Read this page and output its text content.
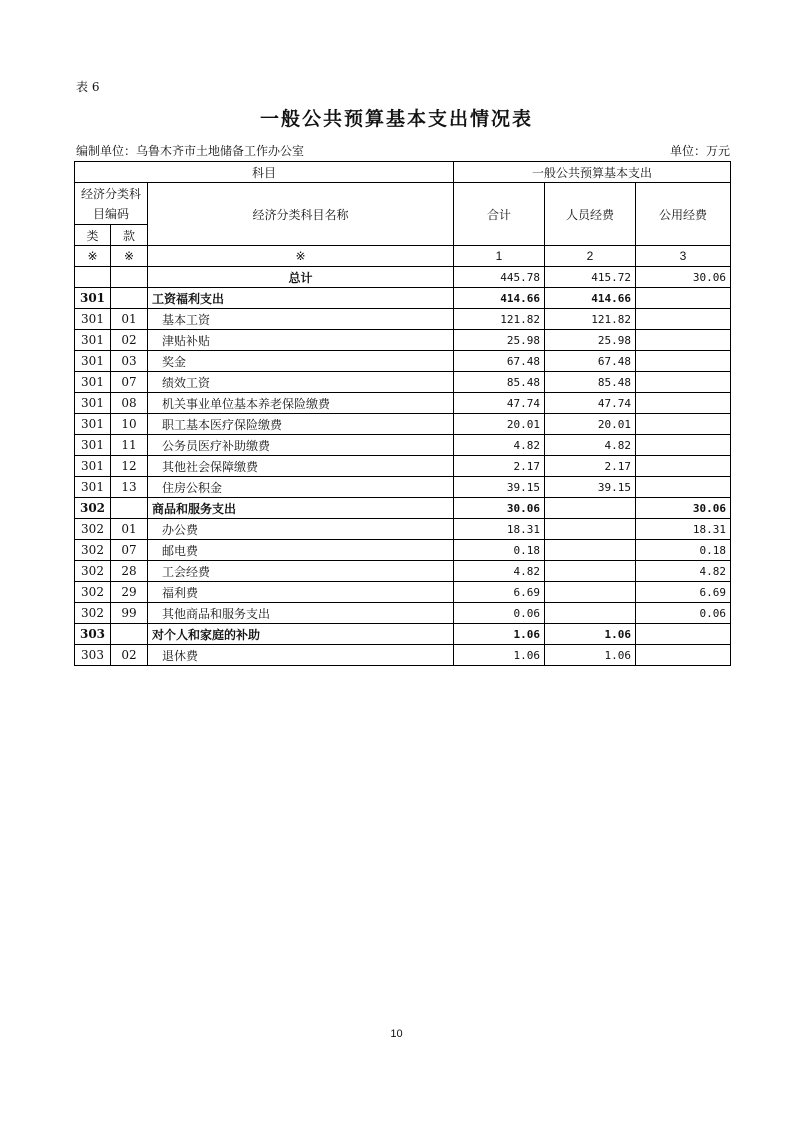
表 6
一般公共预算基本支出情况表
编制单位：乌鲁木齐市土地储备工作办公室	单位：万元
科目			一般公共预算基本支出		
经济分类科目编码		经济分类科目名称	合计	人员经费	公用经费
类	款				
※	※	※	1	2	3
		总计	445.78	415.72	30.06
301		工资福利支出	414.66	414.66	
301	01	基本工资	121.82	121.82	
301	02	津贴补贴	25.98	25.98	
301	03	奖金	67.48	67.48	
301	07	绩效工资	85.48	85.48	
301	08	机关事业单位基本养老保险缴费	47.74	47.74	
301	10	职工基本医疗保险缴费	20.01	20.01	
301	11	公务员医疗补助缴费	4.82	4.82	
301	12	其他社会保障缴费	2.17	2.17	
301	13	住房公积金	39.15	39.15	
302		商品和服务支出	30.06		30.06
302	01	办公费	18.31		18.31
302	07	邮电费	0.18		0.18
302	28	工会经费	4.82		4.82
302	29	福利费	6.69		6.69
302	99	其他商品和服务支出	0.06		0.06
303		对个人和家庭的补助	1.06	1.06	
303	02	退休费	1.06	1.06	
10
